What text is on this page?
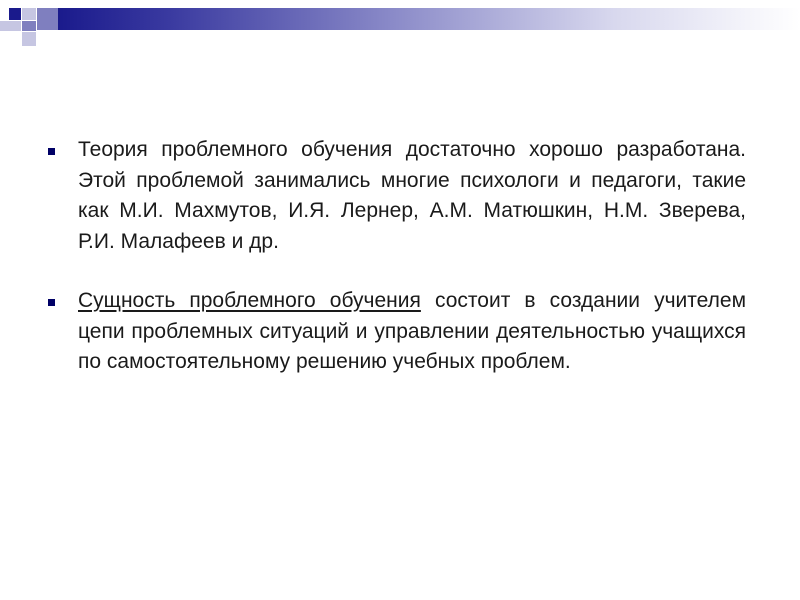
Теория проблемного обучения достаточно хорошо разработана. Этой проблемой занимались многие психологи и педагоги, такие как М.И. Махмутов, И.Я. Лернер, А.М. Матюшкин, Н.М. Зверева, Р.И. Малафеев и др.
Сущность проблемного обучения состоит в создании учителем цепи проблемных ситуаций и управлении деятельностью учащихся по самостоятельному решению учебных проблем.
